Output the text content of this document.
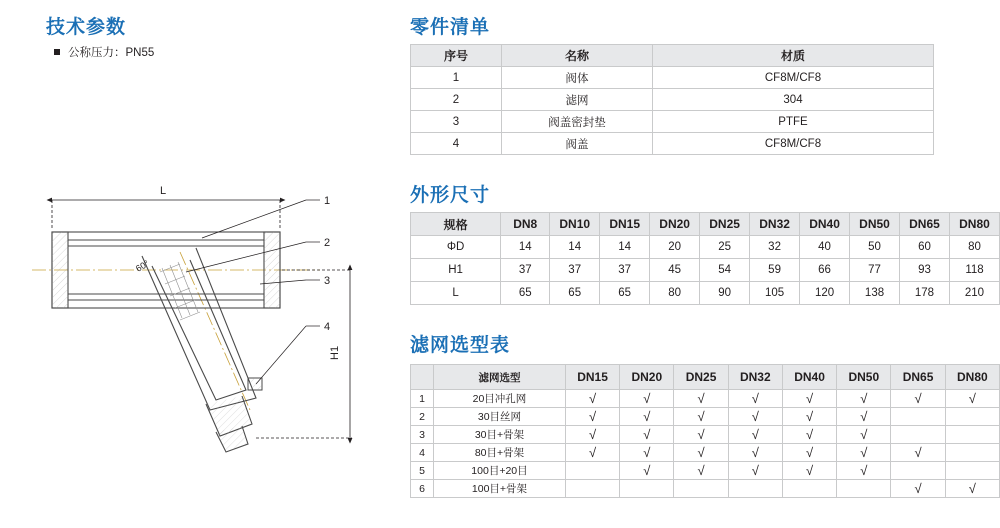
技术参数	零件清单
外形尺寸
滤网选型表
公称压力：PN55	序号	名称	材质
1	阀体	CF8M/CF8
2	滤网	304
3	阀盖密封垫	PTFE
4	阀盖	CF8M/CF8
规格	DN8	DN10	DN15	DN20	DN25	DN32	DN40	DN50	DN65	DN80
ΦD	14	14	14	20	25	32	40	50	60	80
H1	37	37	37	45	54	59	66	77	93	118
L	65	65	65	80	90	105	120	138	178	210
	滤网选型	DN15	DN20	DN25	DN32	DN40	DN50	DN65	DN80
1	20目冲孔网	√	√	√	√	√	√	√	√
2	30目丝网	√	√	√	√	√	√		
3	30目+骨架	√	√	√	√	√	√		
4	80目+骨架	√	√	√	√	√	√	√	
5	100目+20目		√	√	√	√	√		
6	100目+骨架							√	√
L
H1
60°
1
2
3
4
